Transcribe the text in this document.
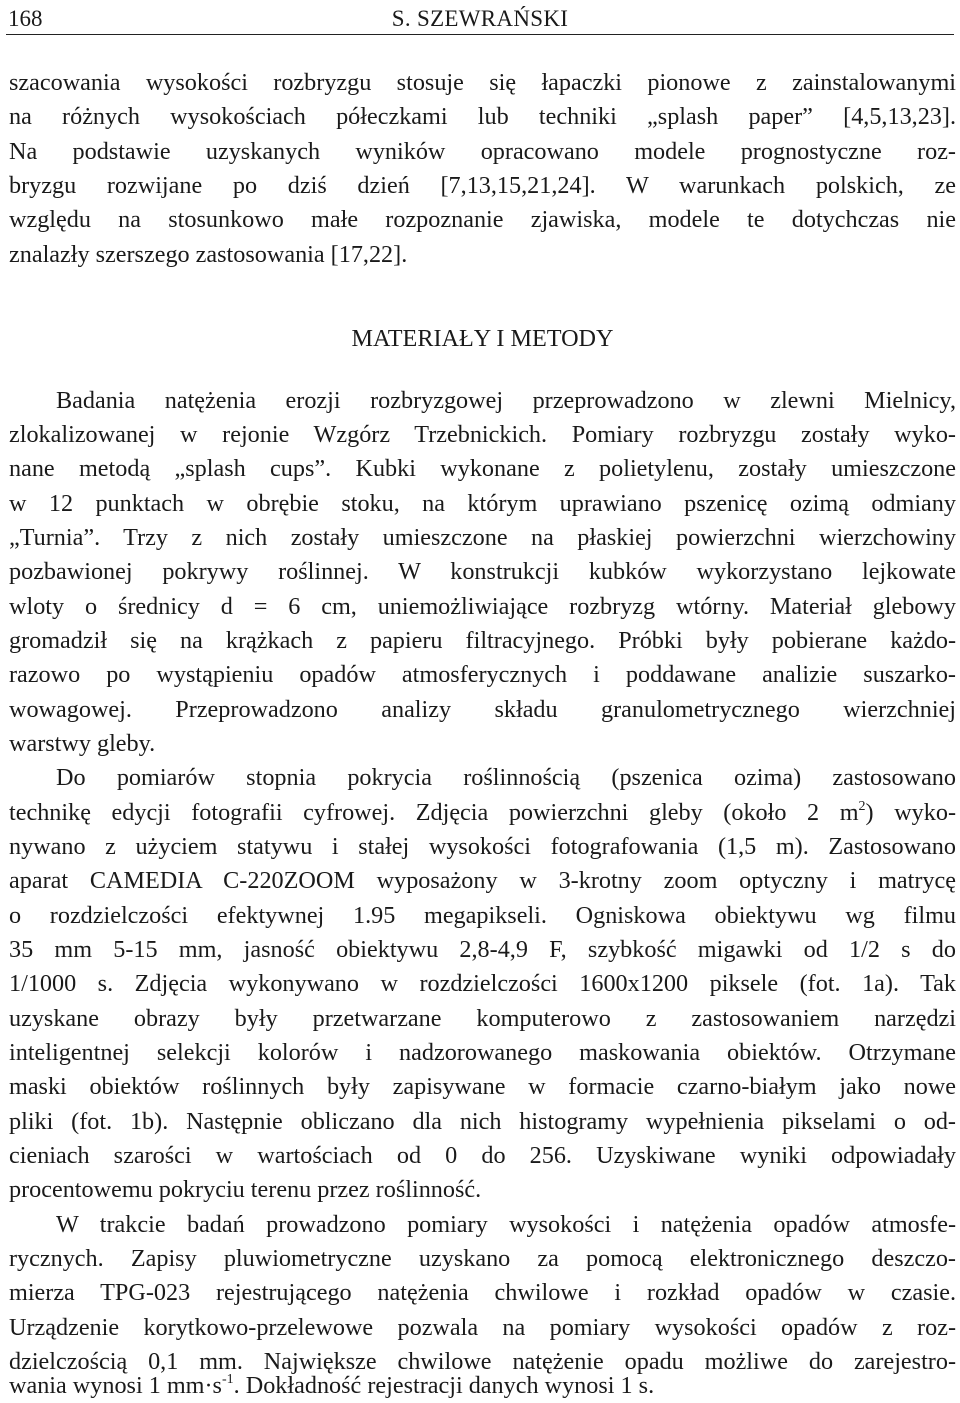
168	S. SZEWRAŃSKI
szacowania wysokości rozbryzgu stosuje się łapaczki pionowe z zainstalowanymi
na różnych wysokościach półeczkami lub techniki „splash paper” [4,5,13,23].
Na podstawie uzyskanych wyników opracowano modele prognostyczne roz-
bryzgu rozwijane po dziś dzień [7,13,15,21,24]. W warunkach polskich, ze
względu na stosunkowo małe rozpoznanie zjawiska, modele te dotychczas nie
znalazły szerszego zastosowania [17,22].
MATERIAŁY I METODY
Badania natężenia erozji rozbryzgowej przeprowadzono w zlewni Mielnicy,
zlokalizowanej w rejonie Wzgórz Trzebnickich. Pomiary rozbryzgu zostały wyko-
nane metodą „splash cups”. Kubki wykonane z polietylenu, zostały umieszczone
w 12 punktach w obrębie stoku, na którym uprawiano pszenicę ozimą odmiany
„Turnia”. Trzy z nich zostały umieszczone na płaskiej powierzchni wierzchowiny
pozbawionej pokrywy roślinnej. W konstrukcji kubków wykorzystano lejkowate
wloty o średnicy d = 6 cm, uniemożliwiające rozbryzg wtórny. Materiał glebowy
gromadził się na krążkach z papieru filtracyjnego. Próbki były pobierane każdo-
razowo po wystąpieniu opadów atmosferycznych i poddawane analizie suszarko-
wowagowej. Przeprowadzono analizy składu granulometrycznego wierzchniej
warstwy gleby.
Do pomiarów stopnia pokrycia roślinnością (pszenica ozima) zastosowano
technikę edycji fotografii cyfrowej. Zdjęcia powierzchni gleby (około 2 $m^2$) wyko-
nywano z użyciem statywu i stałej wysokości fotografowania (1,5 m). Zastosowano
aparat CAMEDIA C-220ZOOM wyposażony w 3-krotny zoom optyczny i matrycę
o rozdzielczości efektywnej 1.95 megapikseli. Ogniskowa obiektywu wg filmu
35 mm 5-15 mm, jasność obiektywu 2,8-4,9 F, szybkość migawki od 1/2 s do
1/1000 s. Zdjęcia wykonywano w rozdzielczości 1600x1200 piksele (fot. 1a). Tak
uzyskane obrazy były przetwarzane komputerowo z zastosowaniem narzędzi
inteligentnej selekcji kolorów i nadzorowanego maskowania obiektów. Otrzymane
maski obiektów roślinnych były zapisywane w formacie czarno-białym jako nowe
pliki (fot. 1b). Następnie obliczano dla nich histogramy wypełnienia pikselami o od-
cieniach szarości w wartościach od 0 do 256. Uzyskiwane wyniki odpowiadały
procentowemu pokryciu terenu przez roślinność.
W trakcie badań prowadzono pomiary wysokości i natężenia opadów atmosfe-
rycznych. Zapisy pluwiometryczne uzyskano za pomocą elektronicznego deszczo-
mierza TPG-023 rejestrującego natężenia chwilowe i rozkład opadów w czasie.
Urządzenie korytkowo-przelewowe pozwala na pomiary wysokości opadów z roz-
dzielczością 0,1 mm. Największe chwilowe natężenie opadu możliwe do zarejestro-
wania wynosi 1 $mm\cdot s^{-1}$. Dokładność rejestracji danych wynosi 1 s.
